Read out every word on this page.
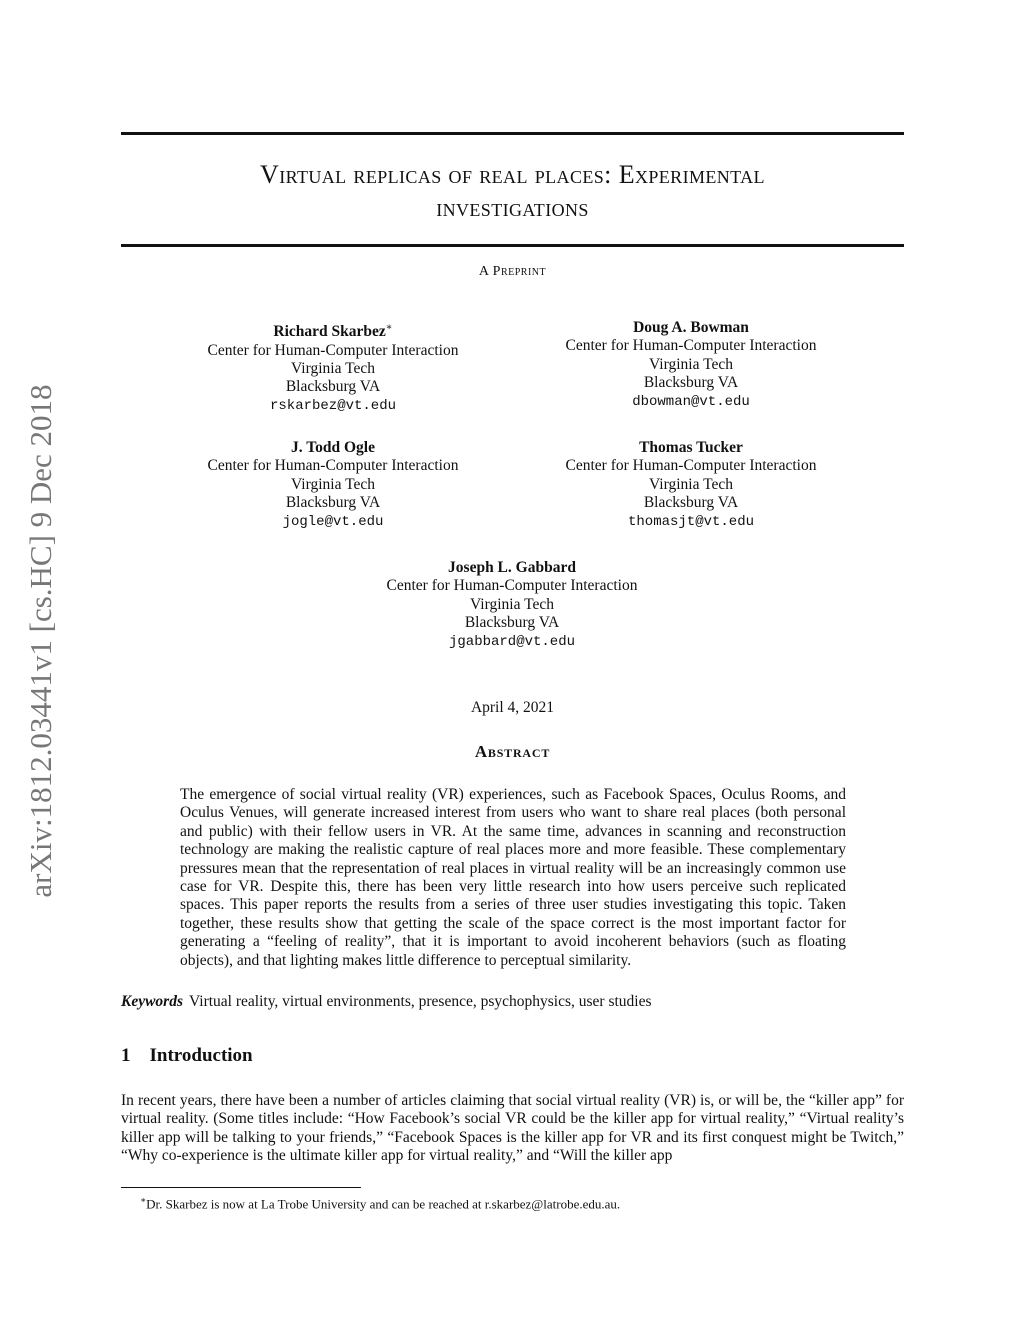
arXiv:1812.03441v1 [cs.HC] 9 Dec 2018
Virtual replicas of real places: Experimental
investigations
A Preprint
Richard Skarbez∗
Center for Human-Computer Interaction
Virginia Tech
Blacksburg VA
rskarbez@vt.edu
Doug A. Bowman
Center for Human-Computer Interaction
Virginia Tech
Blacksburg VA
dbowman@vt.edu
J. Todd Ogle
Center for Human-Computer Interaction
Virginia Tech
Blacksburg VA
jogle@vt.edu
Thomas Tucker
Center for Human-Computer Interaction
Virginia Tech
Blacksburg VA
thomasjt@vt.edu
Joseph L. Gabbard
Center for Human-Computer Interaction
Virginia Tech
Blacksburg VA
jgabbard@vt.edu
April 4, 2021
Abstract
The emergence of social virtual reality (VR) experiences, such as Facebook Spaces, Oculus Rooms, and Oculus Venues, will generate increased interest from users who want to share real places (both personal and public) with their fellow users in VR. At the same time, advances in scanning and reconstruction technology are making the realistic capture of real places more and more feasible. These complementary pressures mean that the representation of real places in virtual reality will be an increasingly common use case for VR. Despite this, there has been very little research into how users perceive such replicated spaces. This paper reports the results from a series of three user studies investigating this topic. Taken together, these results show that getting the scale of the space correct is the most important factor for generating a “feeling of reality”, that it is important to avoid incoherent behaviors (such as floating objects), and that lighting makes little difference to perceptual similarity.
Keywords Virtual reality, virtual environments, presence, psychophysics, user studies
1 Introduction
In recent years, there have been a number of articles claiming that social virtual reality (VR) is, or will be, the “killer app” for virtual reality. (Some titles include: “How Facebook’s social VR could be the killer app for virtual reality,” “Virtual reality’s killer app will be talking to your friends,” “Facebook Spaces is the killer app for VR and its first conquest might be Twitch,” “Why co-experience is the ultimate killer app for virtual reality,” and “Will the killer app
∗Dr. Skarbez is now at La Trobe University and can be reached at r.skarbez@latrobe.edu.au.
